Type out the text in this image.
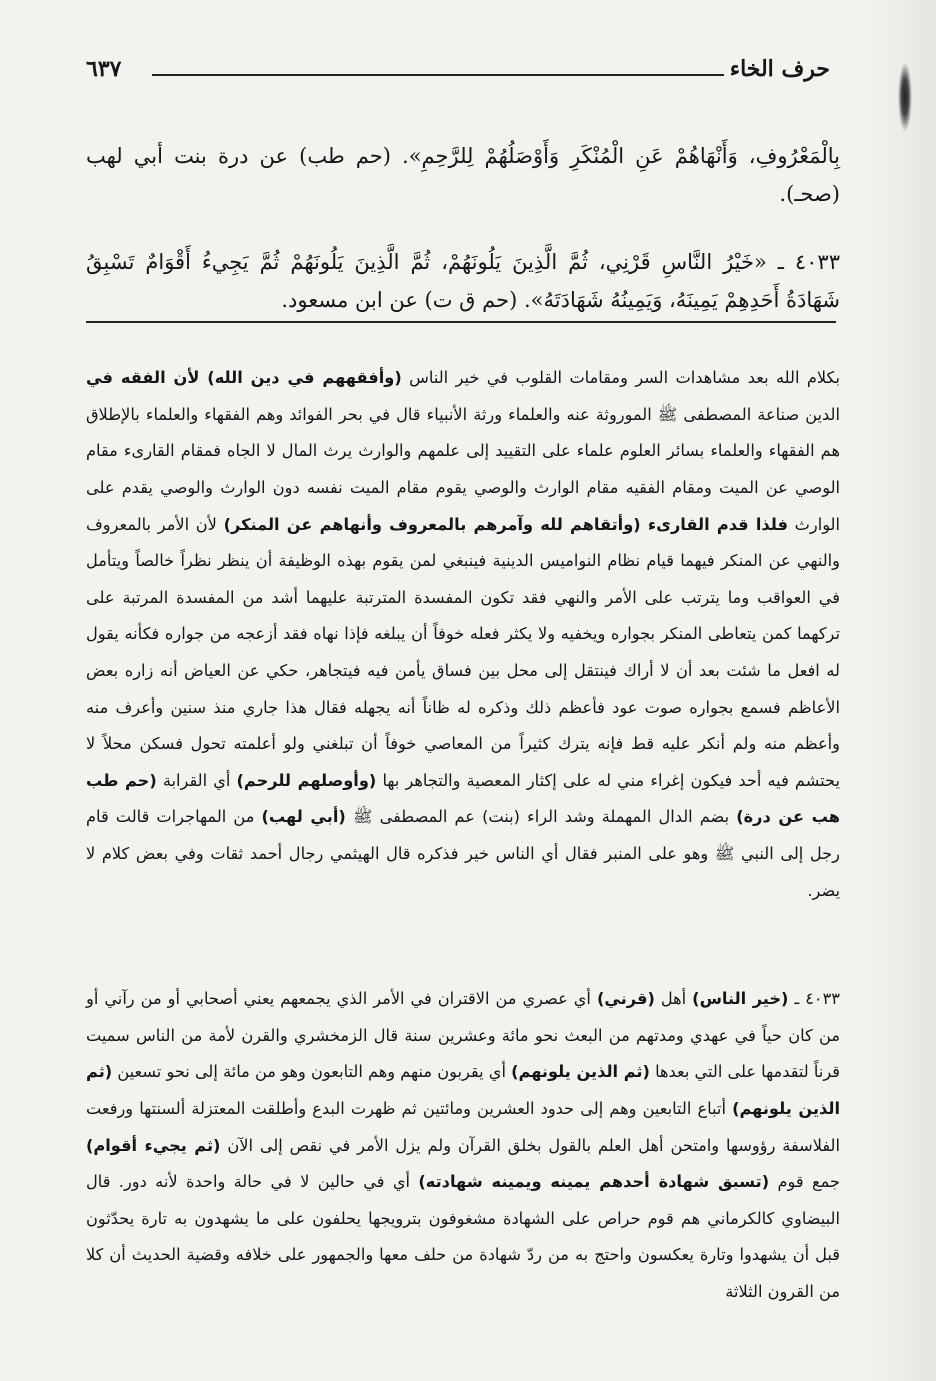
حرف الخاء
٦٣٧

بِالْمَعْرُوفِ، وَأَنْهَاهُمْ عَنِ الْمُنْكَرِ وَأَوْصَلُهُمْ لِلرَّحِمِ». (حم طب) عن درة بنت أبي لهب (صحـ).

٤٠٣٣ ـ «خَيْرُ النَّاسِ قَرْنِي، ثُمَّ الَّذِينَ يَلُونَهُمْ، ثُمَّ الَّذِينَ يَلُونَهُمْ ثُمَّ يَجِيءُ أَقْوَامٌ تَسْبِقُ شَهَادَةُ أَحَدِهِمْ يَمِينَهُ، وَيَمِينُهُ شَهَادَتَهُ». (حم ق ت) عن ابن مسعود.

بكلام الله بعد مشاهدات السر ومقامات القلوب في خير الناس (وأفقههم في دين الله) لأن الفقه في الدين صناعة المصطفى ﷺ الموروثة عنه والعلماء ورثة الأنبياء قال في بحر الفوائد وهم الفقهاء والعلماء بالإطلاق هم الفقهاء والعلماء بسائر العلوم علماء على التقييد إلى علمهم والوارث يرث المال لا الجاه فمقام القارىء مقام الوصي عن الميت ومقام الفقيه مقام الوارث والوصي يقوم مقام الميت نفسه دون الوارث والوصي يقدم على الوارث فلذا قدم القارىء (وأتقاهم لله وآمرهم بالمعروف وأنهاهم عن المنكر) لأن الأمر بالمعروف والنهي عن المنكر فيهما قيام نظام النواميس الدينية فينبغي لمن يقوم بهذه الوظيفة أن ينظر نظراً خالصاً ويتأمل في العواقب وما يترتب على الأمر والنهي فقد تكون المفسدة المترتبة عليهما أشد من المفسدة المرتبة على تركهما كمن يتعاطى المنكر بجواره ويخفيه ولا يكثر فعله خوفاً أن يبلغه فإذا نهاه فقد أزعجه من جواره فكأنه يقول له افعل ما شئت بعد أن لا أراك فينتقل إلى محل بين فساق يأمن فيه فيتجاهر، حكي عن العياض أنه زاره بعض الأعاظم فسمع بجواره صوت عود فأعظم ذلك وذكره له ظاناً أنه يجهله فقال هذا جاري منذ سنين وأعرف منه وأعظم منه ولم أنكر عليه قط فإنه يترك كثيراً من المعاصي خوفاً أن تبلغني ولو أعلمته تحول فسكن محلاً لا يحتشم فيه أحد فيكون إغراء مني له على إكثار المعصية والتجاهر بها (وأوصلهم للرحم) أي القرابة (حم طب هب عن درة) بضم الدال المهملة وشد الراء (بنت) عم المصطفى ﷺ (أبي لهب) من المهاجرات قالت قام رجل إلى النبي ﷺ وهو على المنبر فقال أي الناس خير فذكره قال الهيثمي رجال أحمد ثقات وفي بعض كلام لا يضر.

٤٠٣٣ ـ (خير الناس) أهل (قرني) أي عصري من الاقتران في الأمر الذي يجمعهم يعني أصحابي أو من رآني أو من كان حياً في عهدي ومدتهم من البعث نحو مائة وعشرين سنة قال الزمخشري والقرن لأمة من الناس سميت قرناً لتقدمها على التي بعدها (ثم الذين يلونهم) أي يقربون منهم وهم التابعون وهو من مائة إلى نحو تسعين (ثم الذين يلونهم) أتباع التابعين وهم إلى حدود العشرين ومائتين ثم ظهرت البدع وأطلقت المعتزلة ألسنتها ورفعت الفلاسفة رؤوسها وامتحن أهل العلم بالقول بخلق القرآن ولم يزل الأمر في نقص إلى الآن (ثم يجيء أقوام) جمع قوم (تسبق شهادة أحدهم يمينه ويمينه شهادته) أي في حالين لا في حالة واحدة لأنه دور. قال البيضاوي كالكرماني هم قوم حراص على الشهادة مشغوفون بترويجها يحلفون على ما يشهدون به تارة يحدّثون قبل أن يشهدوا وتارة يعكسون واحتج به من ردّ شهادة من حلف معها والجمهور على خلافه وقضية الحديث أن كلا من القرون الثلاثة
